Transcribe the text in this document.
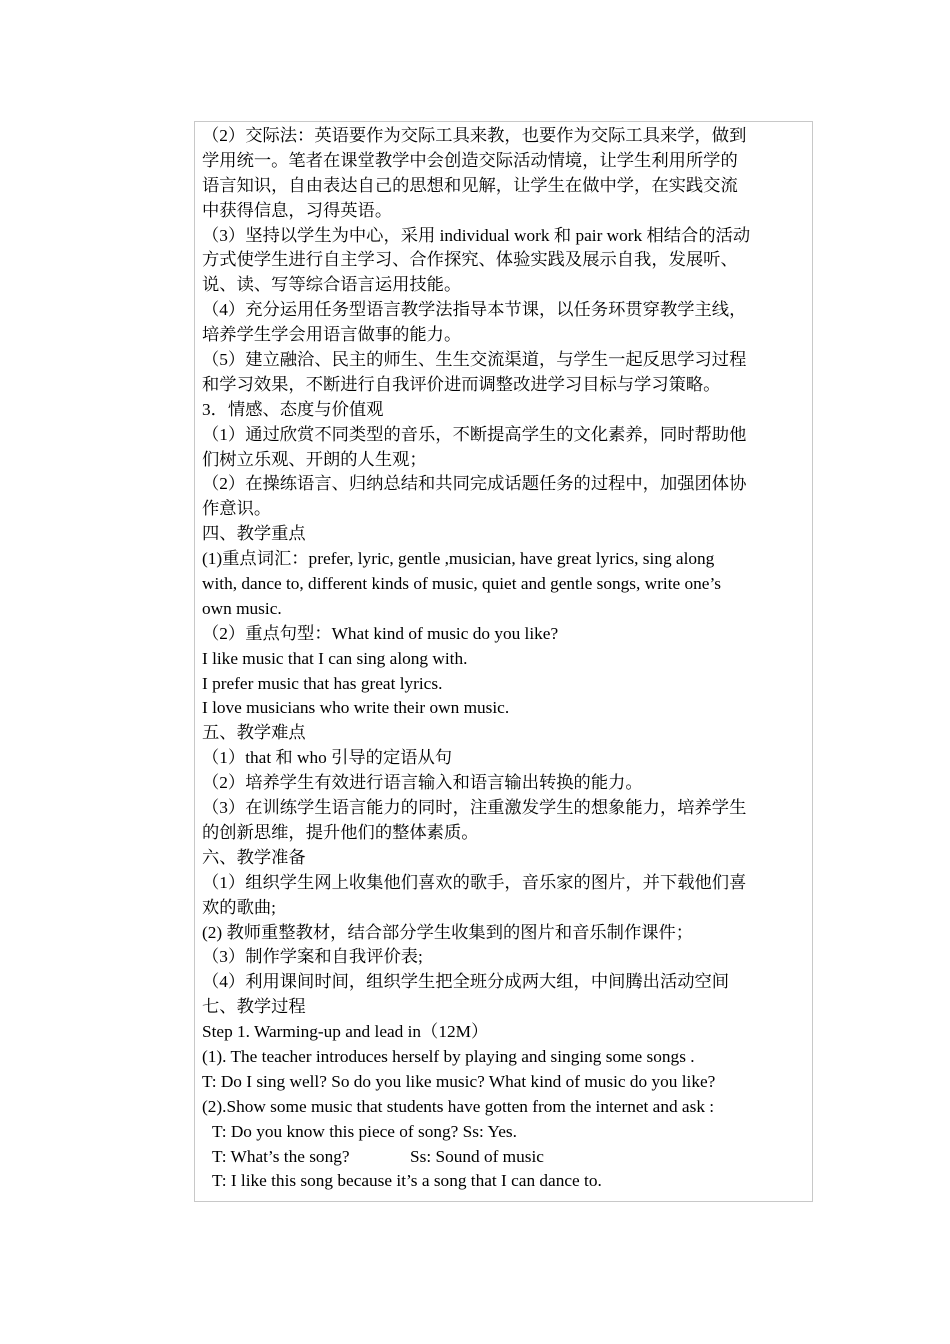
（2）交际法：英语要作为交际工具来教，也要作为交际工具来学，做到
学用统一。笔者在课堂教学中会创造交际活动情境，让学生利用所学的
语言知识，自由表达自己的思想和见解，让学生在做中学，在实践交流
中获得信息，习得英语。
（3）坚持以学生为中心，采用 individual work 和 pair work 相结合的活动
方式使学生进行自主学习、合作探究、体验实践及展示自我，发展听、
说、读、写等综合语言运用技能。
（4）充分运用任务型语言教学法指导本节课，以任务环贯穿教学主线，
培养学生学会用语言做事的能力。
（5）建立融洽、民主的师生、生生交流渠道，与学生一起反思学习过程
和学习效果，不断进行自我评价进而调整改进学习目标与学习策略。
3．情感、态度与价值观
（1）通过欣赏不同类型的音乐，不断提高学生的文化素养，同时帮助他
们树立乐观、开朗的人生观；
（2）在操练语言、归纳总结和共同完成话题任务的过程中，加强团体协
作意识。
四、教学重点
(1)重点词汇：prefer, lyric, gentle ,musician, have great lyrics, sing along
with, dance to, different kinds of music, quiet and gentle songs, write one’s
own music.
（2）重点句型：What kind of music do you like?
I like music that I can sing along with.
I prefer music that has great lyrics.
I love musicians who write their own music.
五、教学难点
（1）that 和 who 引导的定语从句
（2）培养学生有效进行语言输入和语言输出转换的能力。
（3）在训练学生语言能力的同时，注重激发学生的想象能力，培养学生
的创新思维，提升他们的整体素质。
六、教学准备
（1）组织学生网上收集他们喜欢的歌手，音乐家的图片，并下载他们喜
欢的歌曲;
(2) 教师重整教材，结合部分学生收集到的图片和音乐制作课件；
（3）制作学案和自我评价表;
（4）利用课间时间，组织学生把全班分成两大组，中间腾出活动空间
七、教学过程
Step 1. Warming-up and lead in（12M）
(1). The teacher introduces herself by playing and singing some songs .
T: Do I sing well? So do you like music? What kind of music do you like?
(2).Show some music that students have gotten from the internet and ask :
T: Do you know this piece of song? Ss: Yes.
T: What’s the song?              Ss: Sound of music
T: I like this song because it’s a song that I can dance to.
